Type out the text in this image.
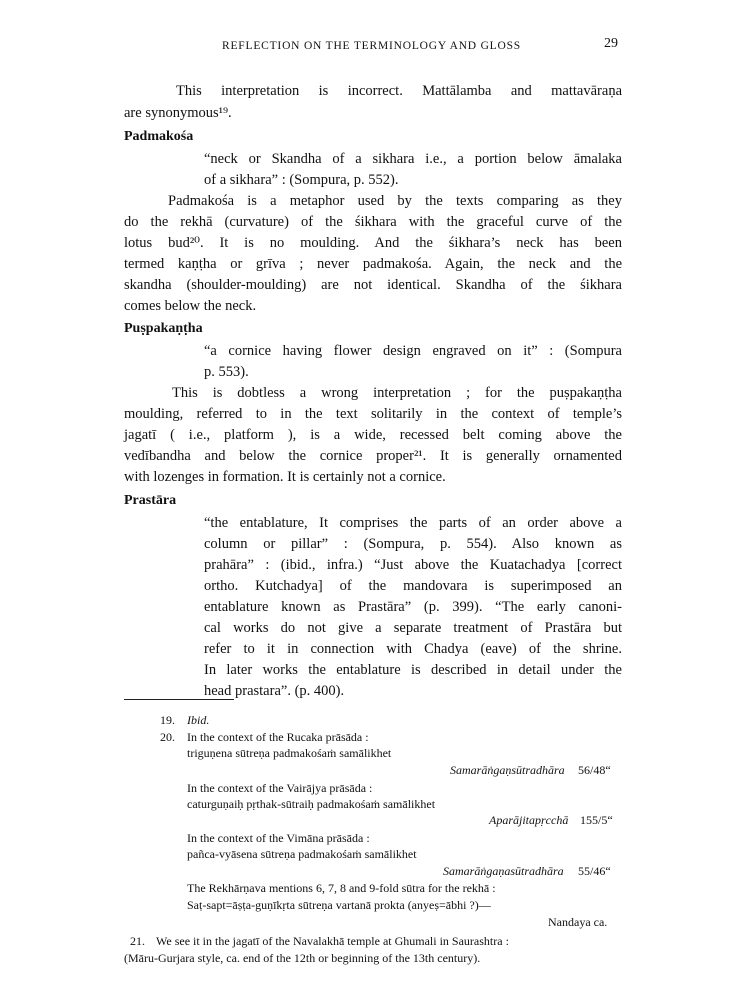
REFLECTION ON THE TERMINOLOGY AND GLOSS	29
This interpretation is incorrect. Mattālamba and mattavāraṇa
are synonymous¹⁹.
Padmakośa
“neck or Skandha of a sikhara i.e., a portion below āmalaka
of a sikhara” : (Sompura, p. 552).
Padmakośa is a metaphor used by the texts comparing as they
do the rekhā (curvature) of the śikhara with the graceful curve of the
lotus bud²⁰. It is no moulding. And the śikhara’s neck has been
termed kaṇṭha or grīva ; never padmakośa. Again, the neck and the
skandha (shoulder-moulding) are not identical. Skandha of the śikhara
comes below the neck.
Puṣpakaṇṭha
“a cornice having flower design engraved on it” : (Sompura
p. 553).
This is dobtless a wrong interpretation ; for the puṣpakaṇṭha
moulding, referred to in the text solitarily in the context of temple’s
jagatī ( i.e., platform ), is a wide, recessed belt coming above the
vedībandha and below the cornice proper²¹. It is generally ornamented
with lozenges in formation. It is certainly not a cornice.
Prastāra
“the entablature, It comprises the parts of an order above a
column or pillar” : (Sompura, p. 554). Also known as
prahāra” : (ibid., infra.) “Just above the Kuatachadya [correct
ortho. Kutchadya] of the mandovara is superimposed an
entablature known as Prastāra” (p. 399). “The early canoni-
cal works do not give a separate treatment of Prastāra but
refer to it in connection with Chadya (eave) of the shrine.
In later works the entablature is described in detail under the
head prastara”. (p. 400).
19. Ibid.
20. In the context of the Rucaka prāsāda :
triguṇena sūtreṇa padmakośaṁ samālikhet
Samarāṅgaṇsūtradhāra 56/48“
In the context of the Vairājya prāsāda :
caturguṇaiḥ pṛthak-sūtraiḥ padmakośaṁ samālikhet
Aparājitapṛcchā 155/5“
In the context of the Vimāna prāsāda :
pañca-vyāsena sūtreṇa padmakośaṁ samālikhet
Samarāṅgaṇasūtradhāra 55/46“
The Rekhārṇava mentions 6, 7, 8 and 9-fold sūtra for the rekhā :
Saṭ-sapt=āṣṭa-guṇīkṛta sūtreṇa vartanā prokta (anyeṣ=ābhi ?)—
Nandaya ca.
21. We see it in the jagatī of the Navalakhā temple at Ghumali in Saurashtra :
(Māru-Gurjara style, ca. end of the 12th or beginning of the 13th century).
